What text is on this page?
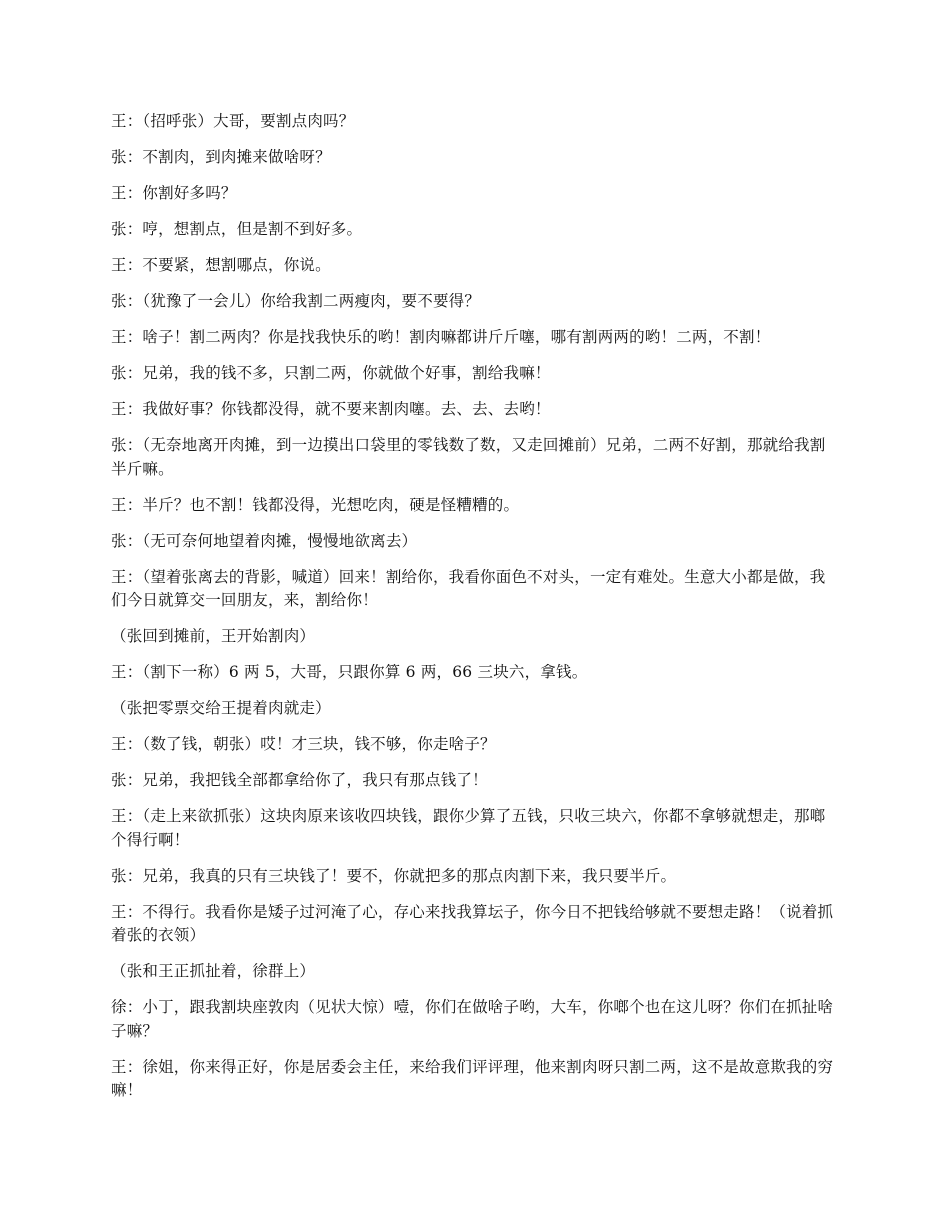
王：（招呼张）大哥，要割点肉吗？

张：不割肉，到肉摊来做啥呀？

王：你割好多吗？

张：哼，想割点，但是割不到好多。

王：不要紧，想割哪点，你说。

张：（犹豫了一会儿）你给我割二两瘦肉，要不要得？

王：啥子！割二两肉？你是找我快乐的哟！割肉嘛都讲斤斤噻，哪有割两两的哟！二两，不割！

张：兄弟，我的钱不多，只割二两，你就做个好事，割给我嘛！

王：我做好事？你钱都没得，就不要来割肉噻。去、去、去哟！

张：（无奈地离开肉摊，到一边摸出口袋里的零钱数了数，又走回摊前）兄弟，二两不好割，那就给我割半斤嘛。

王：半斤？也不割！钱都没得，光想吃肉，硬是怪糟糟的。

张：（无可奈何地望着肉摊，慢慢地欲离去）

王：（望着张离去的背影，喊道）回来！割给你，我看你面色不对头，一定有难处。生意大小都是做，我们今日就算交一回朋友，来，割给你！

（张回到摊前，王开始割肉）

王：（割下一称）6 两 5，大哥，只跟你算 6 两，66 三块六，拿钱。

（张把零票交给王提着肉就走）

王：（数了钱，朝张）哎！才三块，钱不够，你走啥子？

张：兄弟，我把钱全部都拿给你了，我只有那点钱了！

王：（走上来欲抓张）这块肉原来该收四块钱，跟你少算了五钱，只收三块六，你都不拿够就想走，那啷个得行啊！

张：兄弟，我真的只有三块钱了！要不，你就把多的那点肉割下来，我只要半斤。

王：不得行。我看你是矮子过河淹了心，存心来找我算坛子，你今日不把钱给够就不要想走路！（说着抓着张的衣领）

（张和王正抓扯着，徐群上）

徐：小丁，跟我割块座敦肉（见状大惊）噎，你们在做啥子哟，大车，你啷个也在这儿呀？你们在抓扯啥子嘛？

王：徐姐，你来得正好，你是居委会主任，来给我们评评理，他来割肉呀只割二两，这不是故意欺我的穷嘛！
